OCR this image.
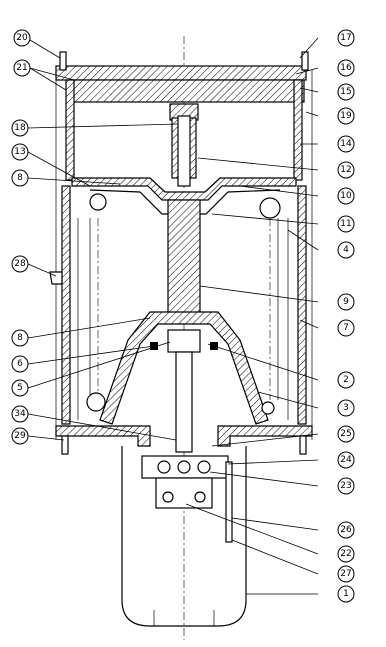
20
21
18
13
8
28
8
6
5
34
29
17
16
15
19
14
12
10
11
4
9
7
2
3
25
24
23
26
22
27
1
